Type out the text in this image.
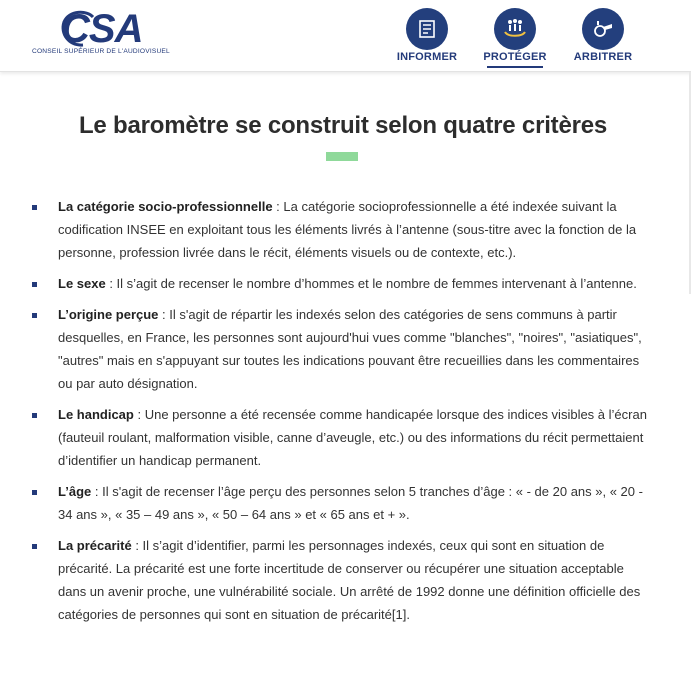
CSA
CONSEIL SUPÉRIEUR DE L'AUDIOVISUEL	INFORMER	PROTÉGER	ARBITRER
Le baromètre se construit selon quatre critères
La catégorie socio-professionnelle : La catégorie socioprofessionnelle a été indexée suivant la codification INSEE en exploitant tous les éléments livrés à l’antenne (sous-titre avec la fonction de la personne, profession livrée dans le récit, éléments visuels ou de contexte, etc.).
Le sexe : Il s’agit de recenser le nombre d’hommes et le nombre de femmes intervenant à l’antenne.
L’origine perçue : Il s'agit de répartir les indexés selon des catégories de sens communs à partir desquelles, en France, les personnes sont aujourd'hui vues comme "blanches", "noires", "asiatiques", "autres" mais en s'appuyant sur toutes les indications pouvant être recueillies dans les commentaires ou par auto désignation.
Le handicap : Une personne a été recensée comme handicapée lorsque des indices visibles à l’écran (fauteuil roulant, malformation visible, canne d’aveugle, etc.) ou des informations du récit permettaient d’identifier un handicap permanent.
L’âge : Il s'agit de recenser l’âge perçu des personnes selon 5 tranches d’âge : « - de 20 ans », « 20 - 34 ans », « 35 – 49 ans », « 50 – 64 ans » et « 65 ans et + ».
La précarité : Il s’agit d’identifier, parmi les personnages indexés, ceux qui sont en situation de précarité. La précarité est une forte incertitude de conserver ou récupérer une situation acceptable dans un avenir proche, une vulnérabilité sociale. Un arrêté de 1992 donne une définition officielle des catégories de personnes qui sont en situation de précarité[1].
